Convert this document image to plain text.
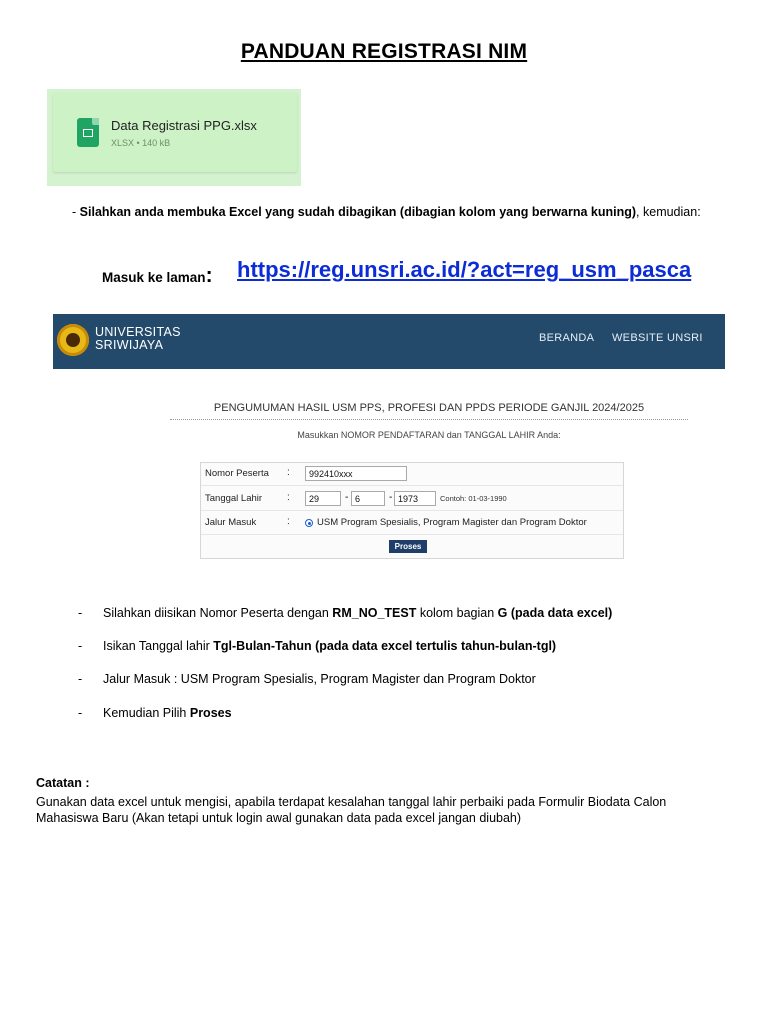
PANDUAN REGISTRASI NIM
Data Registrasi PPG.xlsx
XLSX • 140 kB
- Silahkan anda membuka Excel yang sudah dibagikan (dibagian kolom yang berwarna kuning), kemudian:
Masuk ke laman: https://reg.unsri.ac.id/?act=reg_usm_pasca
UNIVERSITAS
SRIWIJAYA	BERANDA WEBSITE UNSRI
PENGUMUMAN HASIL USM PPS, PROFESI DAN PPDS PERIODE GANJIL 2024/2025
Masukkan NOMOR PENDAFTARAN dan TANGGAL LAHIR Anda:
Nomor Peserta :	992410xxx
Tanggal Lahir :	29	- 6	- 1973	Contoh: 01-03-1990
Jalur Masuk	:	USM Program Spesialis, Program Magister dan Program Doktor
Proses
- Silahkan diisikan Nomor Peserta dengan RM_NO_TEST kolom bagian G (pada data excel)
- Isikan Tanggal lahir Tgl-Bulan-Tahun (pada data excel tertulis tahun-bulan-tgl)
- Jalur Masuk : USM Program Spesialis, Program Magister dan Program Doktor
- Kemudian Pilih Proses
Catatan :
Gunakan data excel untuk mengisi, apabila terdapat kesalahan tanggal lahir perbaiki pada Formulir Biodata Calon Mahasiswa Baru (Akan tetapi untuk login awal gunakan data pada excel jangan diubah)
